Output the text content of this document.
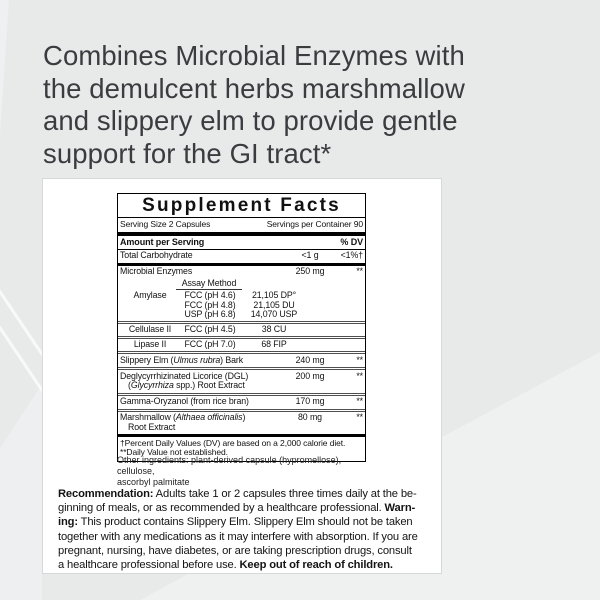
Combines Microbial Enzymes with
the demulcent herbs marshmallow
and slippery elm to provide gentle
support for the GI tract*
Supplement Facts
Serving Size 2 Capsules	Servings per Container 90
Amount per Serving	% DV
Total Carbohydrate	<1 g	<1%†
Microbial Enzymes	250 mg	**
Assay Method
Amylase	FCC (pH 4.6)	21,105 DP°
FCC (pH 4.8)	21,105 DU
USP (pH 6.8)	14,070 USP
Cellulase II	FCC (pH 4.5)	38 CU
Lipase II	FCC (pH 7.0)	68 FIP
Slippery Elm (Ulmus rubra) Bark	240 mg	**
Deglycyrrhizinated Licorice (DGL)
(Glycyrrhiza spp.) Root Extract
200 mg	**
Gamma-Oryzanol (from rice bran)	170 mg	**
Marshmallow (Althaea officinalis)
Root Extract
80 mg	**
†Percent Daily Values (DV) are based on a 2,000 calorie diet.
**Daily Value not established.
Other ingredients: plant-derived capsule (hypromellose), cellulose,
ascorbyl palmitate
Recommendation: Adults take 1 or 2 capsules three times daily at the be-
ginning of meals, or as recommended by a healthcare professional. Warn-
ing: This product contains Slippery Elm. Slippery Elm should not be taken
together with any medications as it may interfere with absorption. If you are
pregnant, nursing, have diabetes, or are taking prescription drugs, consult
a healthcare professional before use. Keep out of reach of children.
